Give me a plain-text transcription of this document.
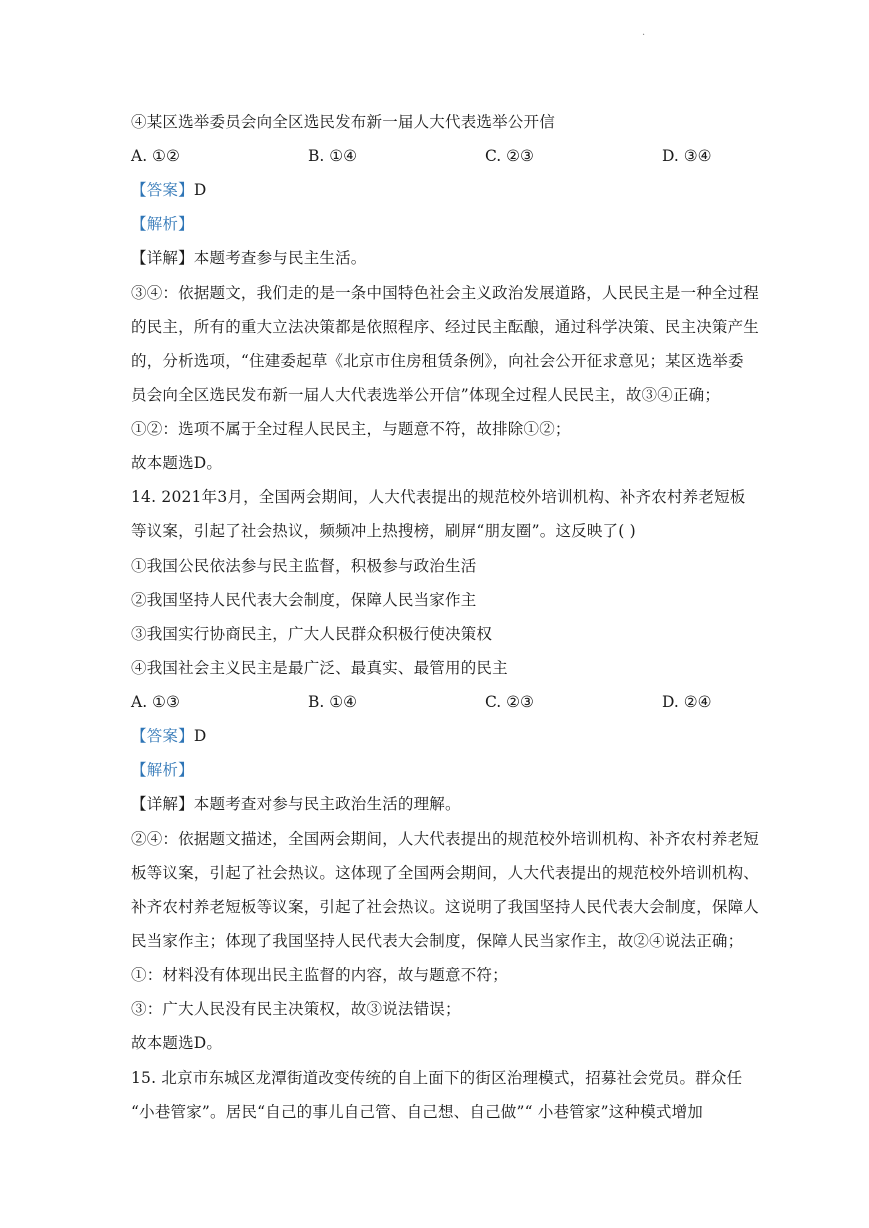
·
④某区选举委员会向全区选民发布新一届人大代表选举公开信
A. ①②	B. ①④	C. ②③	D. ③④
【答案】D
【解析】
【详解】本题考查参与民主生活。
③④：依据题文，我们走的是一条中国特色社会主义政治发展道路，人民民主是一种全过程
的民主，所有的重大立法决策都是依照程序、经过民主酝酿，通过科学决策、民主决策产生
的，分析选项，“住建委起草《北京市住房租赁条例》，向社会公开征求意见；某区选举委
员会向全区选民发布新一届人大代表选举公开信”体现全过程人民民主，故③④正确；
①②：选项不属于全过程人民民主，与题意不符，故排除①②；
故本题选D。
14. 2021年3月，全国两会期间，人大代表提出的规范校外培训机构、补齐农村养老短板
等议案，引起了社会热议，频频冲上热搜榜，刷屏“朋友圈”。这反映了( )
①我国公民依法参与民主监督，积极参与政治生活
②我国坚持人民代表大会制度，保障人民当家作主
③我国实行协商民主，广大人民群众积极行使决策权
④我国社会主义民主是最广泛、最真实、最管用的民主
A. ①③	B. ①④	C. ②③	D. ②④
【答案】D
【解析】
【详解】本题考查对参与民主政治生活的理解。
②④：依据题文描述，全国两会期间，人大代表提出的规范校外培训机构、补齐农村养老短
板等议案，引起了社会热议。这体现了全国两会期间，人大代表提出的规范校外培训机构、
补齐农村养老短板等议案，引起了社会热议。这说明了我国坚持人民代表大会制度，保障人
民当家作主；体现了我国坚持人民代表大会制度，保障人民当家作主，故②④说法正确；
①：材料没有体现出民主监督的内容，故与题意不符；
③：广大人民没有民主决策权，故③说法错误；
故本题选D。
15. 北京市东城区龙潭街道改变传统的自上面下的街区治理模式，招募社会党员。群众任
“小巷管家”。居民“自己的事儿自己管、自己想、自己做”“ 小巷管家”这种模式增加
